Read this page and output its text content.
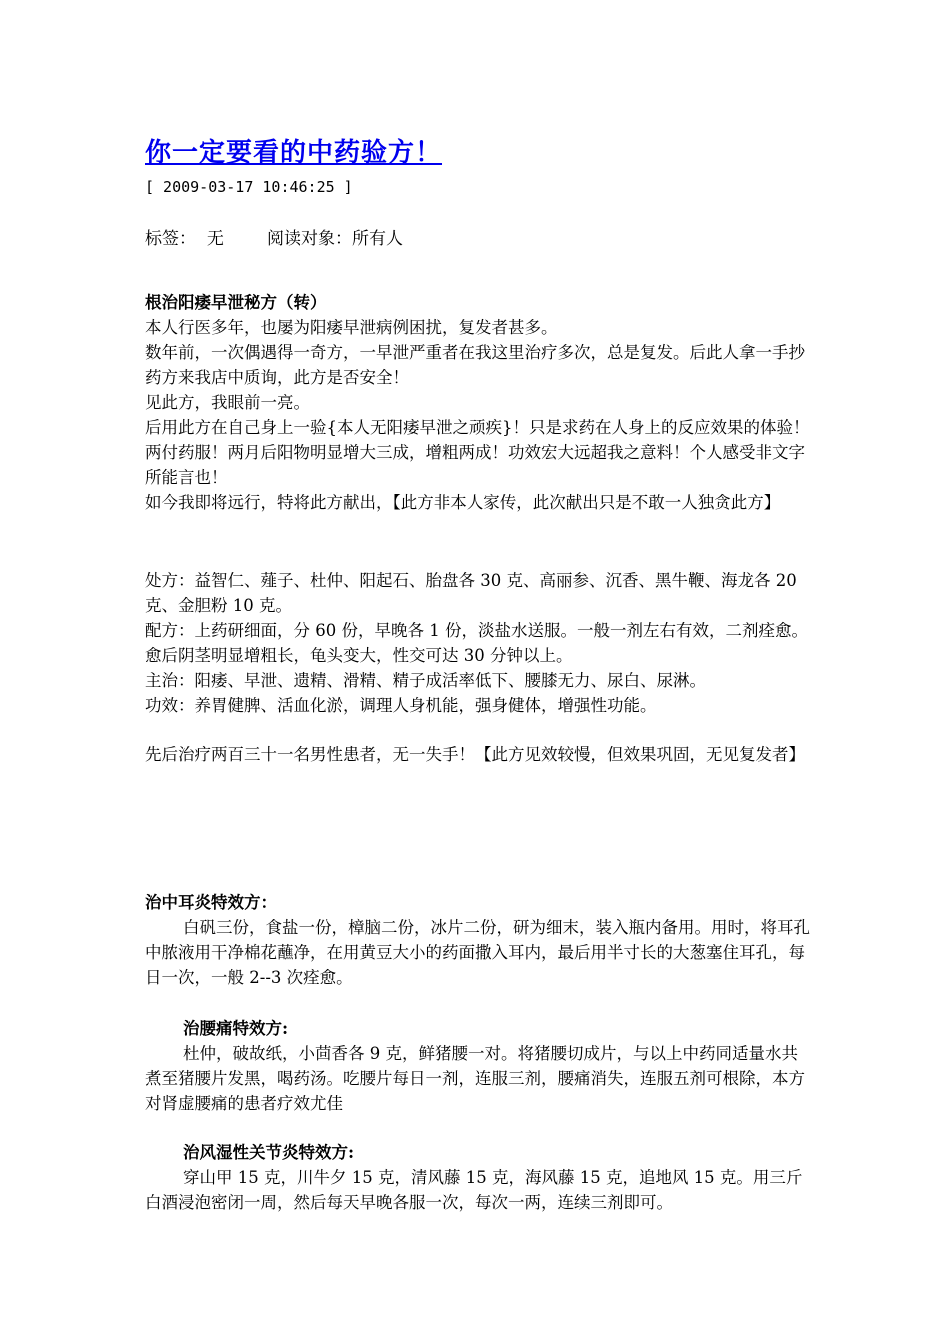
你一定要看的中药验方！
[ 2009-03-17 10:46:25 ]
标签： 无	阅读对象：所有人

根治阳痿早泄秘方（转）

本人行医多年，也屡为阳痿早泄病例困扰，复发者甚多。

数年前，一次偶遇得一奇方，一早泄严重者在我这里治疗多次，总是复发。后此人拿一手抄药方来我店中质询，此方是否安全！

见此方，我眼前一亮。

后用此方在自己身上一验{本人无阳痿早泄之顽疾}！只是求药在人身上的反应效果的体验！两付药服！两月后阳物明显增大三成，增粗两成！功效宏大远超我之意料！个人感受非文字所能言也！

如今我即将远行，特将此方献出，【此方非本人家传，此次献出只是不敢一人独贪此方】

处方：益智仁、薤子、杜仲、阳起石、胎盘各 30 克、高丽参、沉香、黑牛鞭、海龙各 20 克、金胆粉 10 克。

配方：上药研细面，分 60 份，早晚各 1 份，淡盐水送服。一般一剂左右有效，二剂痊愈。愈后阴茎明显增粗长，龟头变大，性交可达 30 分钟以上。

主治：阳痿、早泄、遗精、滑精、精子成活率低下、腰膝无力、尿白、尿淋。

功效：养胃健脾、活血化淤，调理人身机能，强身健体，增强性功能。

先后治疗两百三十一名男性患者，无一失手！【此方见效较慢，但效果巩固，无见复发者】

治中耳炎特效方：

白矾三份，食盐一份，樟脑二份，冰片二份，研为细末，装入瓶内备用。用时，将耳孔中脓液用干净棉花蘸净，在用黄豆大小的药面撒入耳内，最后用半寸长的大葱塞住耳孔，每日一次，一般 2--3 次痊愈。

治腰痛特效方:

杜仲，破故纸，小茴香各 9 克，鲜猪腰一对。将猪腰切成片，与以上中药同适量水共煮至猪腰片发黑，喝药汤。吃腰片每日一剂，连服三剂，腰痛消失，连服五剂可根除，本方对肾虚腰痛的患者疗效尤佳

治风湿性关节炎特效方:

穿山甲 15 克，川牛夕 15 克，清风藤 15 克，海风藤 15 克，追地风 15 克。用三斤白酒浸泡密闭一周，然后每天早晚各服一次，每次一两，连续三剂即可。
